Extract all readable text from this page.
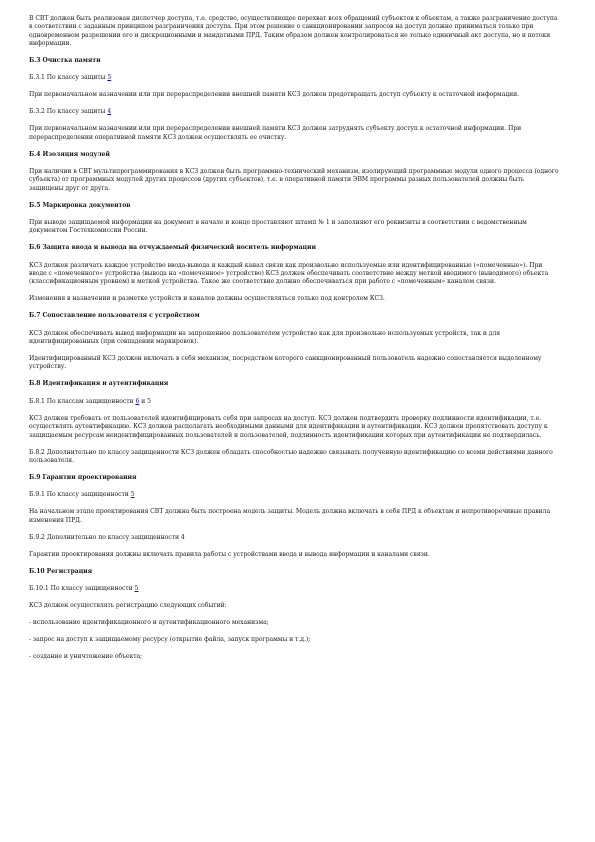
В СВТ должен быть реализован диспетчер доступа, т.е. средство, осуществляющее перехват всех обращений субъектов к объектам, а также разграничение доступа в соответствии с заданным принципом разграничения доступа. При этом решение о санкционировании запросов на доступ должно приниматься только при одновременном разрешении его и дискреционными и мандатными ПРД. Таким образом должен контролироваться не только единичный акт доступа, но и потоки информации.

Б.3 Очистка памяти

Б.3.1 По классу защиты 5

При первоначальном назначении или при перераспределении внешней памяти КСЗ должен предотвращать доступ субъекту к остаточной информации.

Б.3.2 По классу защиты 4

При первоначальном назначении или при перераспределении внешней памяти КСЗ должен затруднять субъекту доступ к остаточной информации. При перераспределении оперативной памяти КСЗ должен осуществлять ее очистку.

Б.4 Изоляция модулей

При наличии в СВТ мультипрограммирования в КСЗ должен быть программно-технический механизм, изолирующий программные модули одного процесса (одного субъекта) от программных модулей других процессов (других субъектов), т.е. в оперативной памяти ЭВМ программы разных пользователей должны быть защищены друг от друга.

Б.5 Маркировка документов

При выводе защищаемой информации на документ в начале и конце проставляют штамп № 1 и заполняют его реквизиты в соответствии с ведомственным документом Гостехкомиссии России.

Б.6 Защита ввода и вывода на отчуждаемый физический носитель информации

КСЗ должен различать каждое устройство ввода-вывода и каждый канал связи как произвольно используемые или идентифицированные («помеченные»). При вводе с «помеченного» устройства (вывода на «помеченное» устройство) КСЗ должен обеспечивать соответствие между меткой вводимого (выводимого) объекта (классификационным уровнем) и меткой устройства. Такое же соответствие должно обеспечиваться при работе с «помеченным» каналом связи.

Изменения в назначении и разметке устройств и каналов должны осуществляться только под контролем КСЗ.

Б.7 Сопоставление пользователя с устройством

КСЗ должен обеспечивать вывод информации на запрошенное пользователем устройство как для произвольно используемых устройств, так и для идентифицированных (при совпадении маркировок).

Идентифицированный КСЗ должен включать в себя механизм, посредством которого санкционированный пользователь надежно сопоставляется выделенному устройству.

Б.8 Идентификация и аутентификация

Б.8.1 По классам защищенности 6 и 5

КСЗ должен требовать от пользователей идентифицировать себя при запросах на доступ. КСЗ должен подтвердить проверку подлинности идентификации, т.е. осуществлять аутентификацию. КСЗ должен располагать необходимыми данными для идентификации и аутентификации. КСЗ должен препятствовать доступу к защищаемым ресурсам неидентифицированных пользователей и пользователей, подлинность идентификации которых при аутентификации не подтвердилась.

Б.8.2 Дополнительно по классу защищенности КСЗ должен обладать способностью надежно связывать полученную идентификацию со всеми действиями данного пользователя.

Б.9 Гарантии проектирования

Б.9.1 По классу защищенности 5

На начальном этапе проектирования СВТ должна быть построена модель защиты. Модель должна включать в себя ПРД к объектам и непротиворечивые правила изменения ПРД.

Б.9.2 Дополнительно по классу защищенности 4

Гарантии проектирования должны включать правила работы с устройствами ввода и вывода информации и каналами связи.

Б.10 Регистрация

Б.10.1 По классу защищенности 5

КСЗ должен осуществлять регистрацию следующих событий:

- использование идентификационного и аутентификационного механизма;

- запрос на доступ к защищаемому ресурсу (открытие файла, запуск программы и т.д.);

- создание и уничтожение объекта;
